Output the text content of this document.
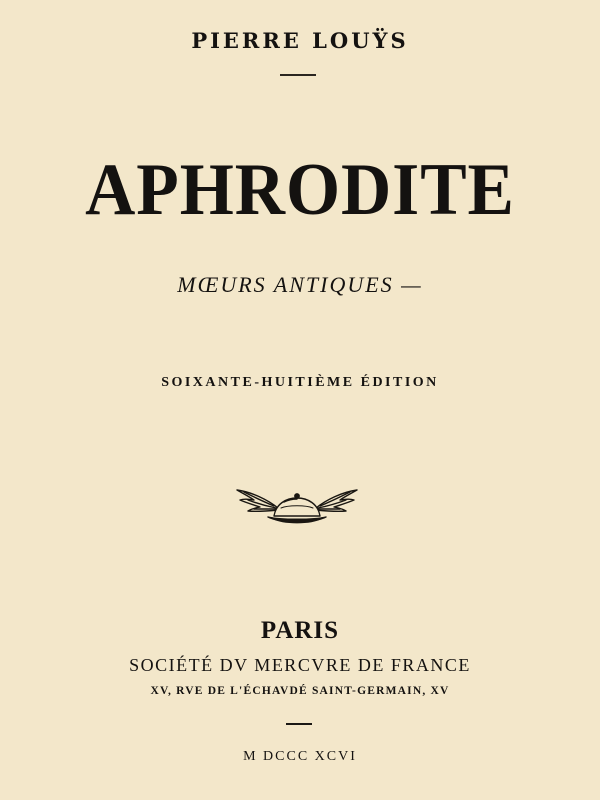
PIERRE LOUŸS
APHRODITE
MŒURS ANTIQUES —
SOIXANTE-HUITIÈME ÉDITION
PARIS
SOCIÉTÉ DV MERCVRE DE FRANCE
XV, RVE DE L'ÉCHAVDÉ SAINT-GERMAIN, XV
M DCCC XCVI
